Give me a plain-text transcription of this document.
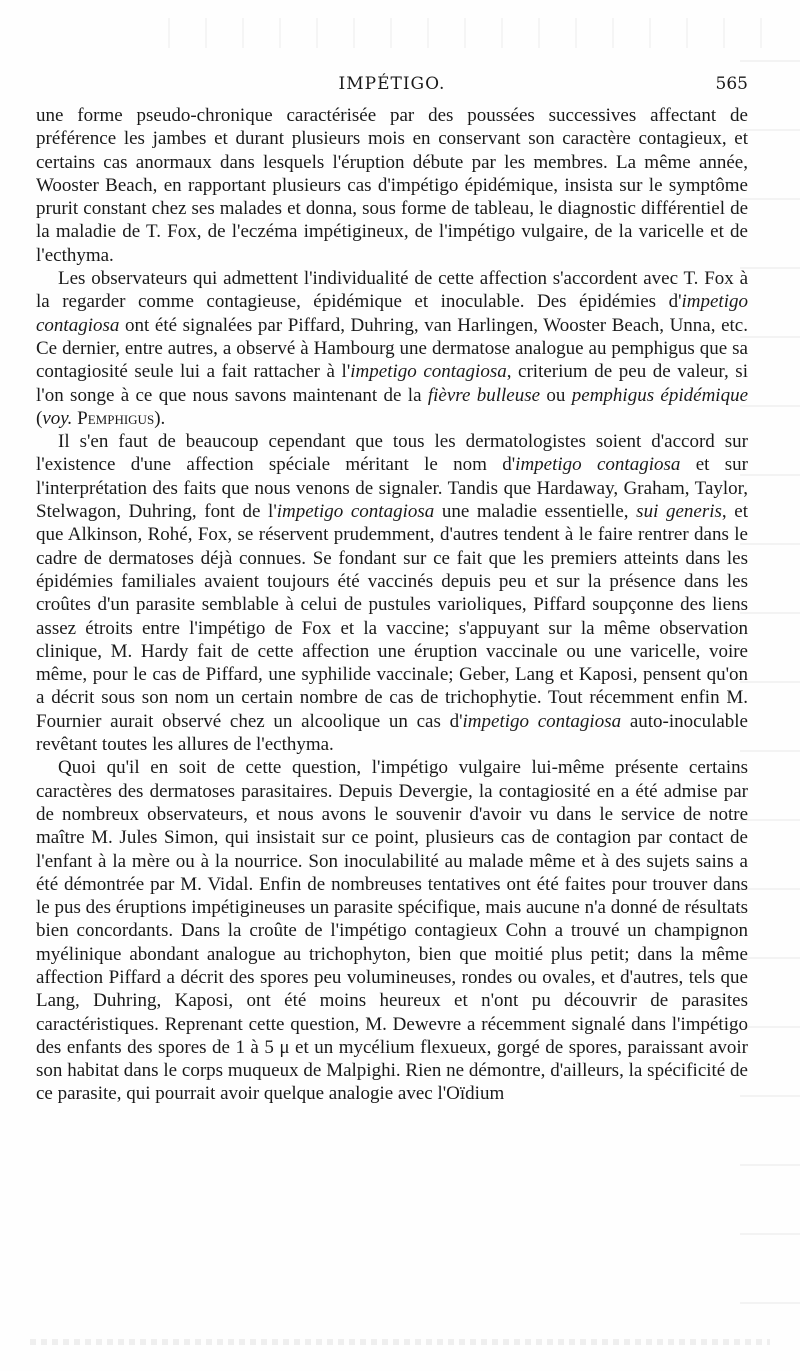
IMPÉTIGO.	565

une forme pseudo-chronique caractérisée par des poussées successives affectant de préférence les jambes et durant plusieurs mois en conservant son caractère contagieux, et certains cas anormaux dans lesquels l'éruption débute par les membres. La même année, Wooster Beach, en rapportant plusieurs cas d'impétigo épidémique, insista sur le symptôme prurit constant chez ses malades et donna, sous forme de tableau, le diagnostic différentiel de la maladie de T. Fox, de l'eczéma impétigineux, de l'impétigo vulgaire, de la varicelle et de l'ecthyma.

Les observateurs qui admettent l'individualité de cette affection s'accordent avec T. Fox à la regarder comme contagieuse, épidémique et inoculable. Des épidémies d'impetigo contagiosa ont été signalées par Piffard, Duhring, van Harlingen, Wooster Beach, Unna, etc. Ce dernier, entre autres, a observé à Hambourg une dermatose analogue au pemphigus que sa contagiosité seule lui a fait rattacher à l'impetigo contagiosa, criterium de peu de valeur, si l'on songe à ce que nous savons maintenant de la fièvre bulleuse ou pemphigus épidémique (voy. Pemphigus).

Il s'en faut de beaucoup cependant que tous les dermatologistes soient d'accord sur l'existence d'une affection spéciale méritant le nom d'impetigo contagiosa et sur l'interprétation des faits que nous venons de signaler. Tandis que Hardaway, Graham, Taylor, Stelwagon, Duhring, font de l'impetigo contagiosa une maladie essentielle, sui generis, et que Alkinson, Rohé, Fox, se réservent prudemment, d'autres tendent à le faire rentrer dans le cadre de dermatoses déjà connues. Se fondant sur ce fait que les premiers atteints dans les épidémies familiales avaient toujours été vaccinés depuis peu et sur la présence dans les croûtes d'un parasite semblable à celui de pustules varioliques, Piffard soupçonne des liens assez étroits entre l'impétigo de Fox et la vaccine; s'appuyant sur la même observation clinique, M. Hardy fait de cette affection une éruption vaccinale ou une varicelle, voire même, pour le cas de Piffard, une syphilide vaccinale; Geber, Lang et Kaposi, pensent qu'on a décrit sous son nom un certain nombre de cas de trichophytie. Tout récemment enfin M. Fournier aurait observé chez un alcoolique un cas d'impetigo contagiosa auto-inoculable revêtant toutes les allures de l'ecthyma.

Quoi qu'il en soit de cette question, l'impétigo vulgaire lui-même présente certains caractères des dermatoses parasitaires. Depuis Devergie, la contagiosité en a été admise par de nombreux observateurs, et nous avons le souvenir d'avoir vu dans le service de notre maître M. Jules Simon, qui insistait sur ce point, plusieurs cas de contagion par contact de l'enfant à la mère ou à la nourrice. Son inoculabilité au malade même et à des sujets sains a été démontrée par M. Vidal. Enfin de nombreuses tentatives ont été faites pour trouver dans le pus des éruptions impétigineuses un parasite spécifique, mais aucune n'a donné de résultats bien concordants. Dans la croûte de l'impétigo contagieux Cohn a trouvé un champignon myélinique abondant analogue au trichophyton, bien que moitié plus petit; dans la même affection Piffard a décrit des spores peu volumineuses, rondes ou ovales, et d'autres, tels que Lang, Duhring, Kaposi, ont été moins heureux et n'ont pu découvrir de parasites caractéristiques. Reprenant cette question, M. Dewevre a récemment signalé dans l'impétigo des enfants des spores de 1 à 5 μ et un mycélium flexueux, gorgé de spores, paraissant avoir son habitat dans le corps muqueux de Malpighi. Rien ne démontre, d'ailleurs, la spécificité de ce parasite, qui pourrait avoir quelque analogie avec l'Oïdium
